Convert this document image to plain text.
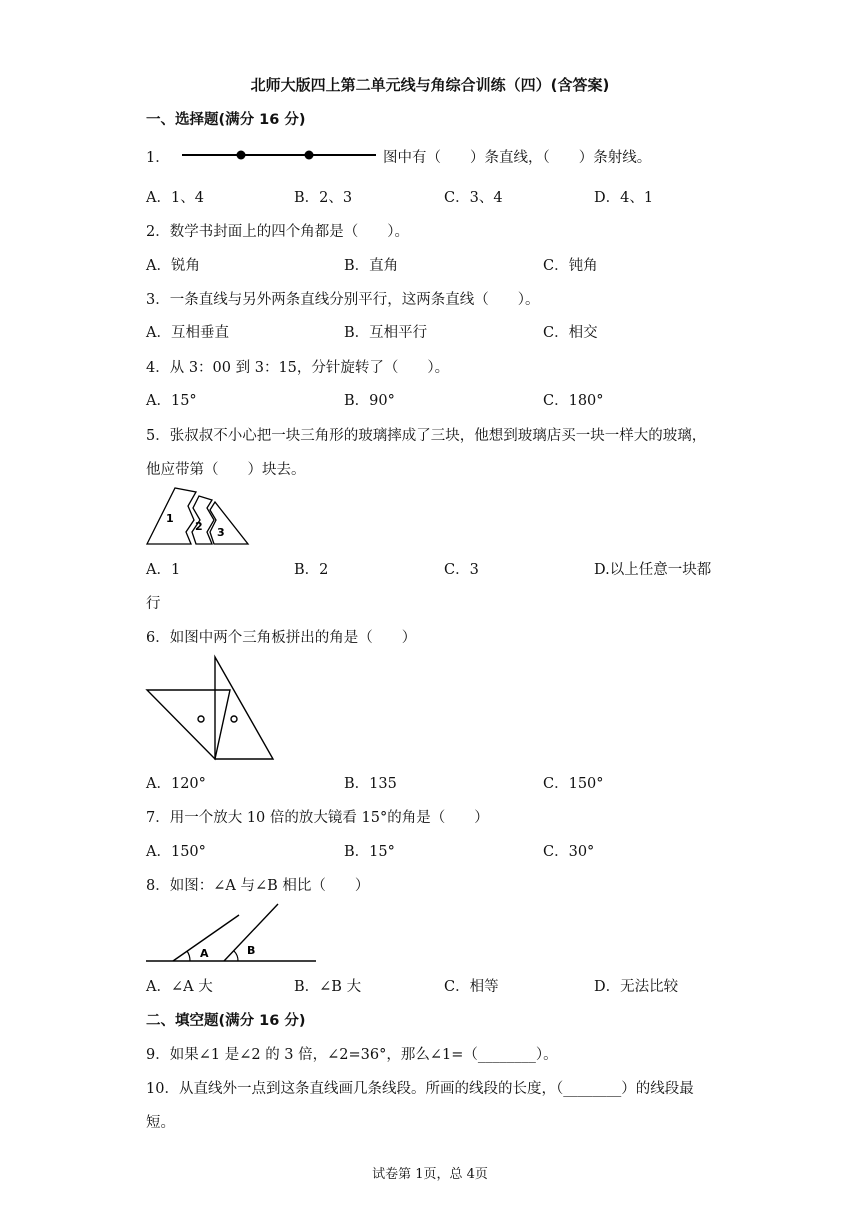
北师大版四上第二单元线与角综合训练（四）(含答案)
一、选择题(满分 16 分)
1．	图中有（　　）条直线，（　　）条射线。
A．1、4	B．2、3	C．3、4	D．4、1
2．数学书封面上的四个角都是（　　）。
A．锐角	B．直角	C．钝角
3．一条直线与另外两条直线分别平行，这两条直线（　　）。
A．互相垂直	B．互相平行	C．相交
4．从 3：00 到 3：15，分针旋转了（　　）。
A．15°	B．90°	C．180°
5．张叔叔不小心把一块三角形的玻璃摔成了三块，他想到玻璃店买一块一样大的玻璃，
他应带第（　　）块去。
1
2 3
A．1	B．2	C．3	D.以上任意一块都
行
6．如图中两个三角板拼出的角是（　　）
A．120°	B．135	C．150°
7．用一个放大 10 倍的放大镜看 15°的角是（　　）
A．150°	B．15°	C．30°
8．如图：∠A 与∠B 相比（　　）
A	B
A．∠A 大	B．∠B 大	C．相等	D．无法比较
二、填空题(满分 16 分)
9．如果∠1 是∠2 的 3 倍，∠2=36°，那么∠1=（________）。
10．从直线外一点到这条直线画几条线段。所画的线段的长度，（________）的线段最
短。
试卷第 1页，总 4页
